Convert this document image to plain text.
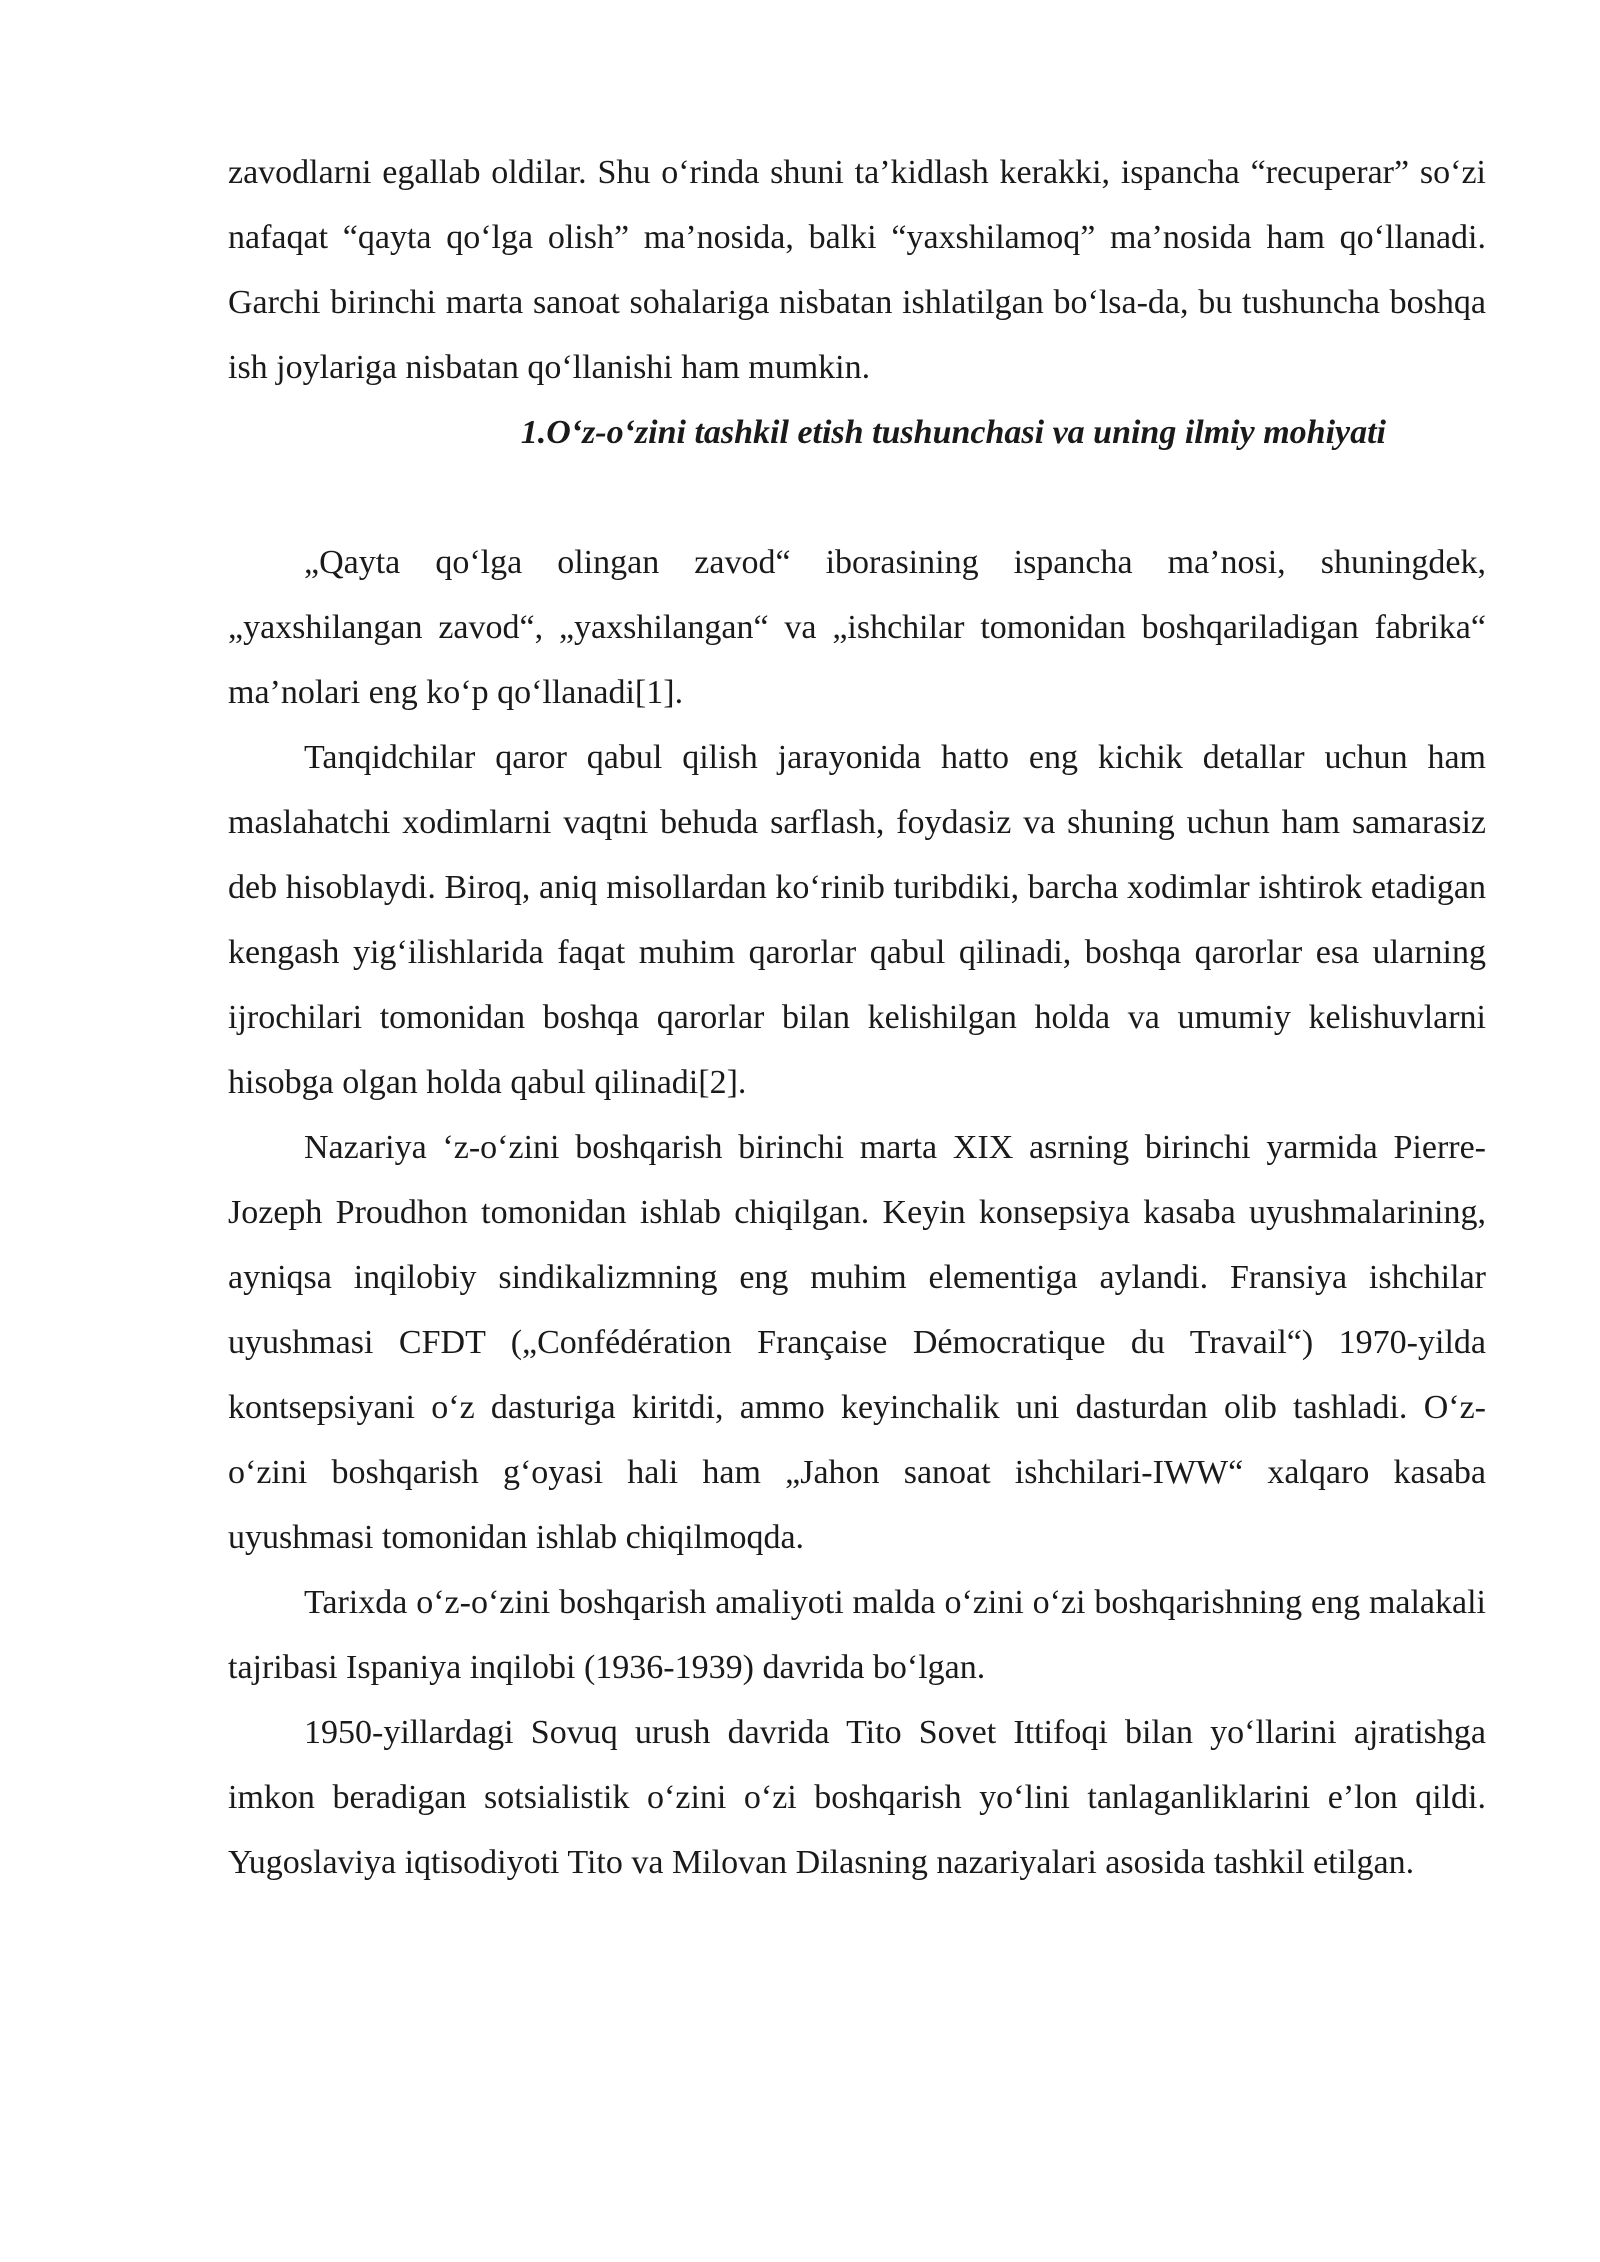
zavodlarni egallab oldilar. Shu o‘rinda shuni ta’kidlash kerakki, ispancha “recuperar” so‘zi nafaqat “qayta qo‘lga olish” ma’nosida, balki “yaxshilamoq” ma’nosida ham qo‘llanadi. Garchi birinchi marta sanoat sohalariga nisbatan ishlatilgan bo‘lsa-da, bu tushuncha boshqa ish joylariga nisbatan qo‘llanishi ham mumkin.

1.O‘z-o‘zini tashkil etish tushunchasi va uning ilmiy mohiyati

„Qayta qo‘lga olingan zavod“ iborasining ispancha ma’nosi, shuningdek, „yaxshilangan zavod“, „yaxshilangan“ va „ishchilar tomonidan boshqariladigan fabrika“ ma’nolari eng ko‘p qo‘llanadi[1].

Tanqidchilar qaror qabul qilish jarayonida hatto eng kichik detallar uchun ham maslahatchi xodimlarni vaqtni behuda sarflash, foydasiz va shuning uchun ham samarasiz deb hisoblaydi. Biroq, aniq misollardan ko‘rinib turibdiki, barcha xodimlar ishtirok etadigan kengash yig‘ilishlarida faqat muhim qarorlar qabul qilinadi, boshqa qarorlar esa ularning ijrochilari tomonidan boshqa qarorlar bilan kelishilgan holda va umumiy kelishuvlarni hisobga olgan holda qabul qilinadi[2].

Nazariya ‘z-o‘zini boshqarish birinchi marta XIX asrning birinchi yarmida Pierre-Jozeph Proudhon tomonidan ishlab chiqilgan. Keyin konsepsiya kasaba uyushmalarining, ayniqsa inqilobiy sindikalizmning eng muhim elementiga aylandi. Fransiya ishchilar uyushmasi CFDT („Confédération Française Démocratique du Travail“) 1970-yilda kontsepsiyani o‘z dasturiga kiritdi, ammo keyinchalik uni dasturdan olib tashladi. O‘z-o‘zini boshqarish g‘oyasi hali ham „Jahon sanoat ishchilari-IWW“ xalqaro kasaba uyushmasi tomonidan ishlab chiqilmoqda.

Tarixda o‘z-o‘zini boshqarish amaliyoti malda o‘zini o‘zi boshqarishning eng malakali tajribasi Ispaniya inqilobi (1936-1939) davrida bo‘lgan.

1950-yillardagi Sovuq urush davrida Tito Sovet Ittifoqi bilan yo‘llarini ajratishga imkon beradigan sotsialistik o‘zini o‘zi boshqarish yo‘lini tanlaganliklarini e’lon qildi. Yugoslaviya iqtisodiyoti Tito va Milovan Dilasning nazariyalari asosida tashkil etilgan.
